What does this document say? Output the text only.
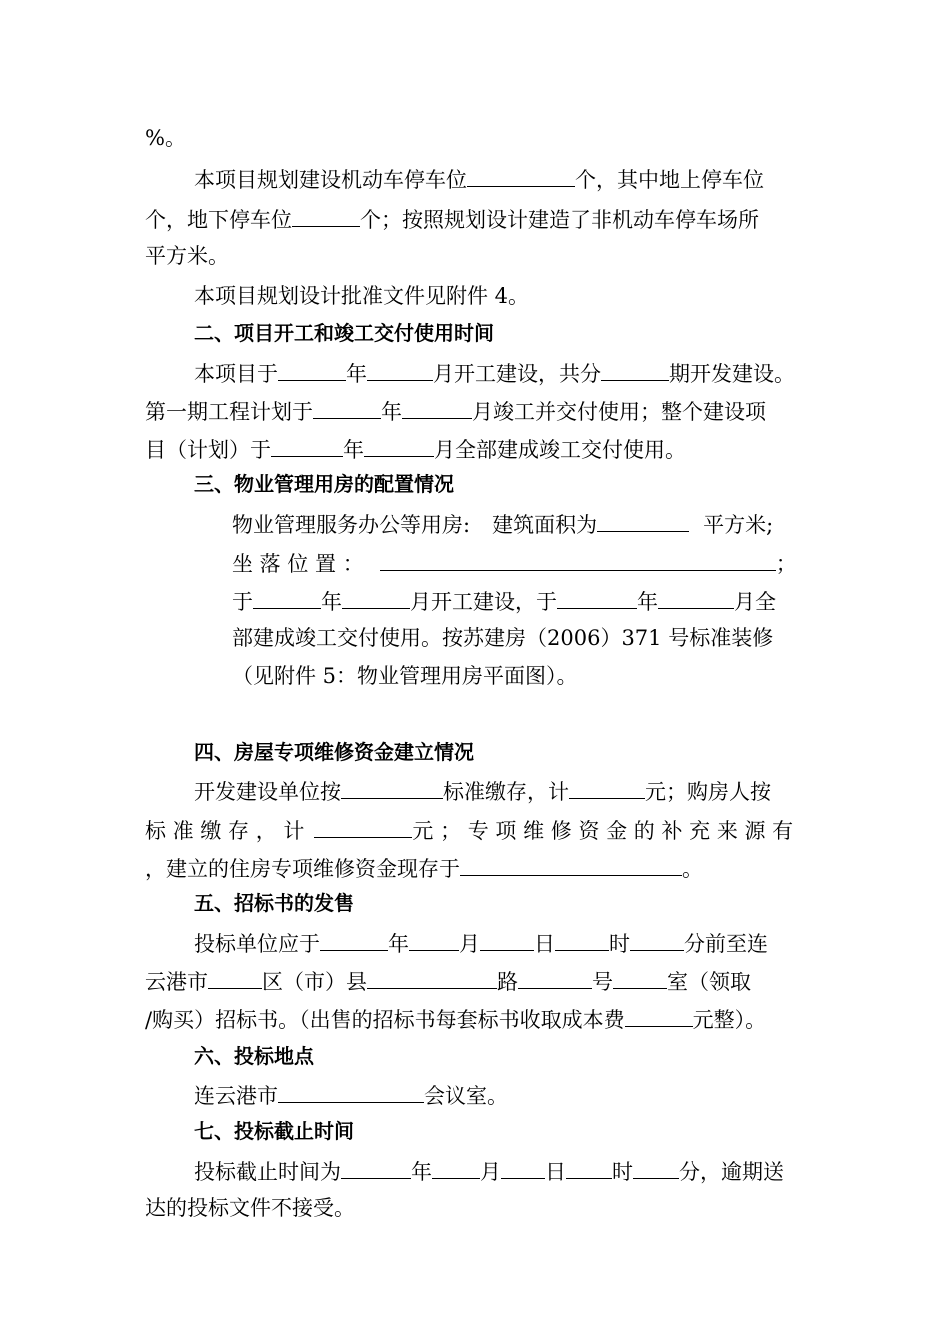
%。
本项目规划建设机动车停车位	个，其中地上停车位
个，地下停车位	个；按照规划设计建造了非机动车停车场所
平方米。
本项目规划设计批准文件见附件 4。
二、项目开工和竣工交付使用时间
本项目于	年	月开工建设，共分	期开发建设。
第一期工程计划于	年	月竣工并交付使用；整个建设项
目（计划）于	年	月全部建成竣工交付使用。
三、物业管理用房的配置情况
物业管理服务办公等用房: 建筑面积为	平方米;
坐 落 位 置 ：	；
于	年	月开工建设，于	年	月全
部建成竣工交付使用。按苏建房（2006）371 号标准装修
（见附件 5：物业管理用房平面图）。
四、房屋专项维修资金建立情况
开发建设单位按	标准缴存，计	元；购房人按
标 准 缴 存 ， 计	元 ； 专 项 维 修 资 金 的 补 充 来 源 有
，建立的住房专项维修资金现存于	。
五、招标书的发售
投标单位应于	年 月	日	时	分前至连
云港市	区（市）县	路	号	室（领取
/购买）招标书。（出售的招标书每套标书收取成本费	元整）。
六、投标地点
连云港市	会议室。
七、投标截止时间
投标截止时间为	年 月 日 时 分，逾期送
达的投标文件不接受。
